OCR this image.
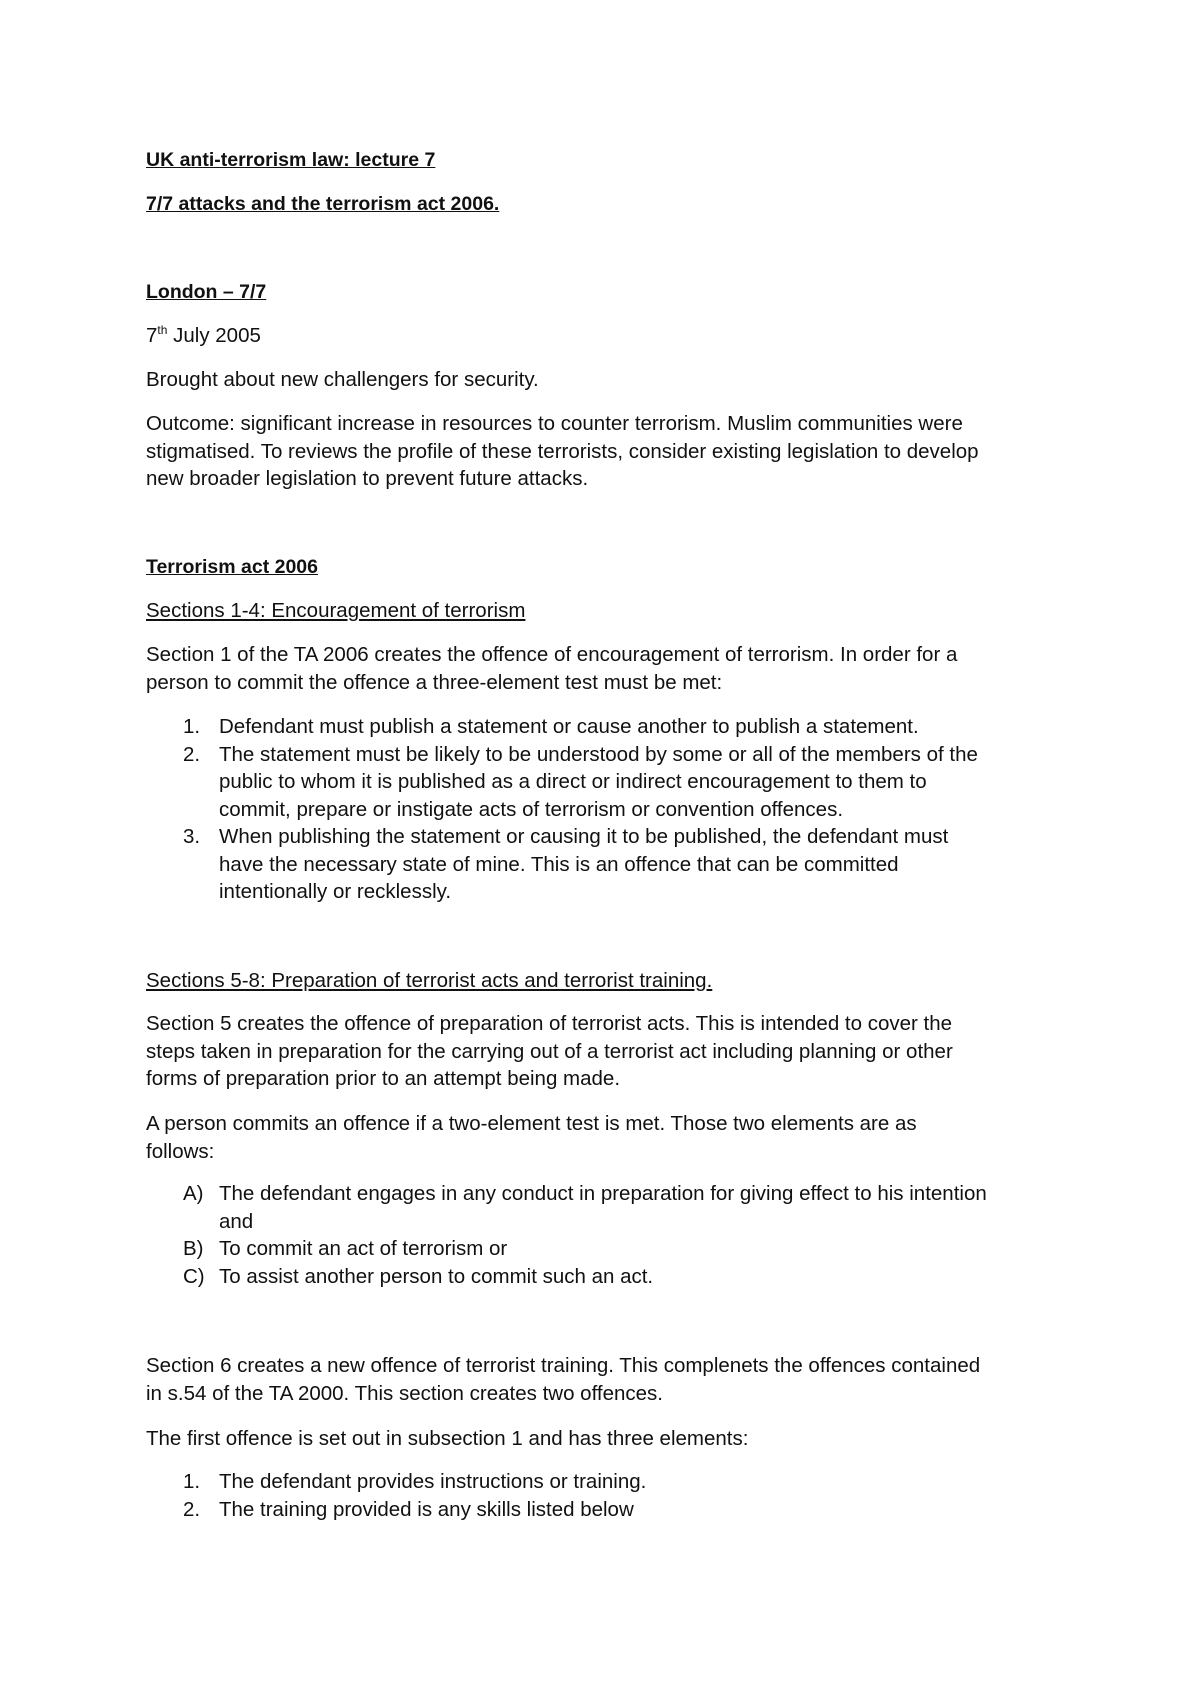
UK anti-terrorism law: lecture 7

7/7 attacks and the terrorism act 2006.

London – 7/7

7th July 2005

Brought about new challengers for security.

Outcome: significant increase in resources to counter terrorism. Muslim communities were
stigmatised. To reviews the profile of these terrorists, consider existing legislation to develop
new broader legislation to prevent future attacks.

Terrorism act 2006

Sections 1-4: Encouragement of terrorism

Section 1 of the TA 2006 creates the offence of encouragement of terrorism. In order for a
person to commit the offence a three-element test must be met:
1. Defendant must publish a statement or cause another to publish a statement.
2. The statement must be likely to be understood by some or all of the members of the
public to whom it is published as a direct or indirect encouragement to them to
commit, prepare or instigate acts of terrorism or convention offences.
3. When publishing the statement or causing it to be published, the defendant must
have the necessary state of mine. This is an offence that can be committed
intentionally or recklessly.

Sections 5-8: Preparation of terrorist acts and terrorist training.

Section 5 creates the offence of preparation of terrorist acts. This is intended to cover the
steps taken in preparation for the carrying out of a terrorist act including planning or other
forms of preparation prior to an attempt being made.
A person commits an offence if a two-element test is met. Those two elements are as
follows:
A) The defendant engages in any conduct in preparation for giving effect to his intention
and
B) To commit an act of terrorism or
C) To assist another person to commit such an act.
Section 6 creates a new offence of terrorist training. This complenets the offences contained
in s.54 of the TA 2000. This section creates two offences.

The first offence is set out in subsection 1 and has three elements:

1. The defendant provides instructions or training.
2. The training provided is any skills listed below
